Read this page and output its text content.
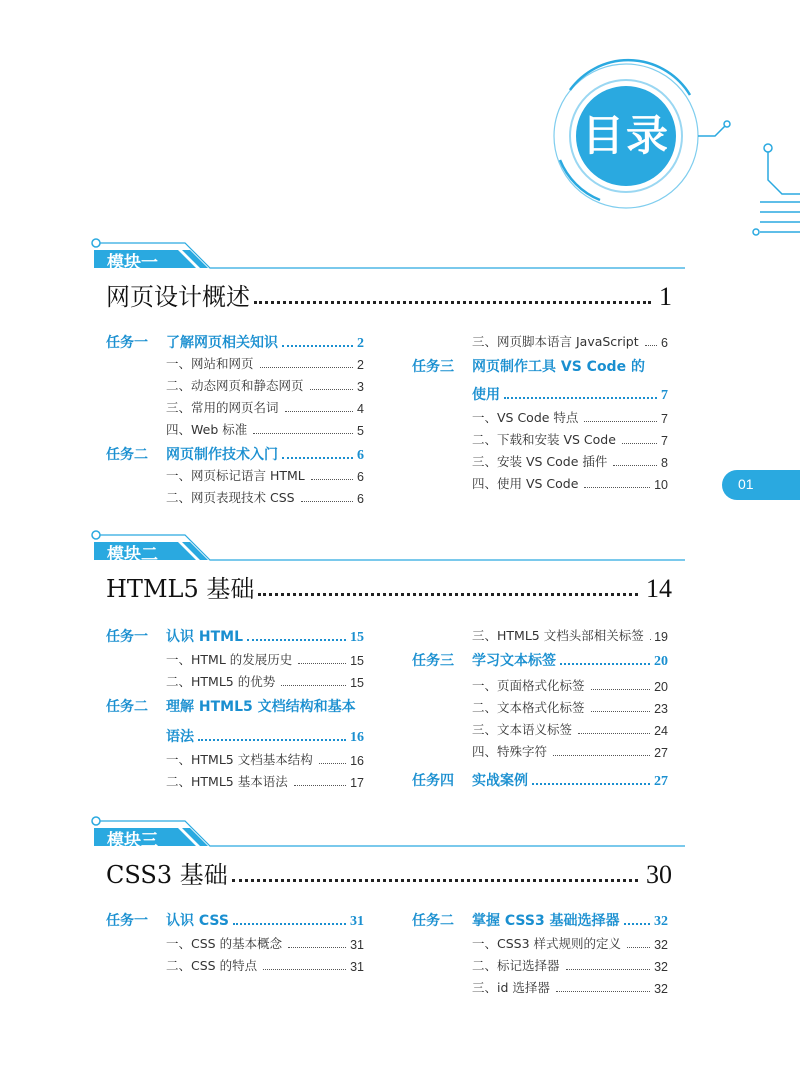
目录
01
模块一
网页设计概述	1
任务一	了解网页相关知识	2
一、网站和网页	2
二、动态网页和静态网页	3
三、常用的网页名词	4
四、Web 标准	5
任务二	网页制作技术入门	6
一、网页标记语言 HTML	6
二、网页表现技术 CSS	6
三、网页脚本语言 JavaScript 6
任务三	网页制作工具 VS Code 的
使用	7
一、VS Code 特点	7
二、下载和安装 VS Code	7
三、安装 VS Code 插件	8
四、使用 VS Code	10
模块二
HTML5 基础	14
任务一	认识 HTML	15
一、HTML 的发展历史	15
二、HTML5 的优势	15
任务二	理解 HTML5 文档结构和基本
语法	16
一、HTML5 文档基本结构	16
二、HTML5 基本语法	17
三、HTML5 文档头部相关标签 19
任务三	学习文本标签	20
一、页面格式化标签	20
二、文本格式化标签	23
三、文本语义标签	24
四、特殊字符	27
任务四	实战案例	27
模块三
CSS3 基础	30
任务一	认识 CSS	31
一、CSS 的基本概念	31
二、CSS 的特点	31
任务二	掌握 CSS3 基础选择器 32
一、CSS3 样式规则的定义	32
二、标记选择器	32
三、id 选择器	32
